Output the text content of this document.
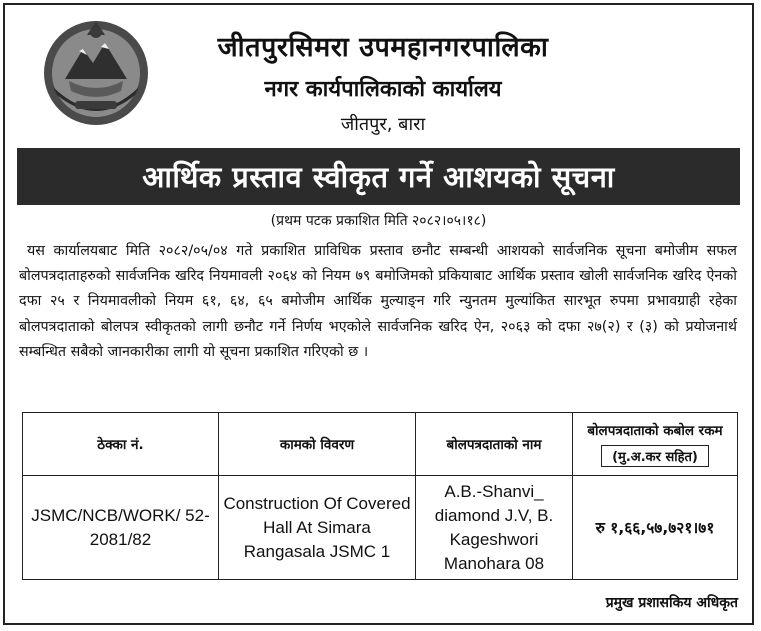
जीतपुरसिमरा उपमहानगरपालिका
नगर कार्यपालिकाको कार्यालय
जीतपुर, बारा
आर्थिक प्रस्ताव स्वीकृत गर्ने आशयको सूचना
(प्रथम पटक प्रकाशित मिति २०८२।०५।१८)

यस कार्यालयबाट मिति २०८२/०५/०४ गते प्रकाशित प्राविधिक प्रस्ताव छनौट सम्बन्धी आशयको सार्वजनिक सूचना बमोजीम सफल बोलपत्रदाताहरुको सार्वजनिक खरिद नियमावली २०६४ को नियम ७९ बमोजिमको प्रकियाबाट आर्थिक प्रस्ताव खोली सार्वजनिक खरिद ऐनको दफा २५ र नियमावलीको नियम ६१, ६४, ६५ बमोजीम आर्थिक मुल्याङ्न गरि न्युनतम मुल्यांकित सारभूत रुपमा प्रभावग्राही रहेका बोलपत्रदाताको बोलपत्र स्वीकृतको लागी छनौट गर्ने निर्णय भएकोले सार्वजनिक खरिद ऐन, २०६३ को दफा २७(२) र (३) को प्रयोजनार्थ सम्बन्धित सबैको जानकारीका लागी यो सूचना प्रकाशित गरिएको छ ।

ठेक्का नं.	कामको विवरण	बोलपत्रदाताको नाम	बोलपत्रदाताको कबोल रकम
(मु.अ.कर सहित)

JSMC/NCB/WORK/ 52-2081/82	Construction Of Covered Hall At Simara Rangasala JSMC 1	A.B.-Shanvi_ diamond J.V, B. Kageshwori Manohara 08	रु १,६६,५७,७२१।७१
प्रमुख प्रशासकिय अधिकृत
